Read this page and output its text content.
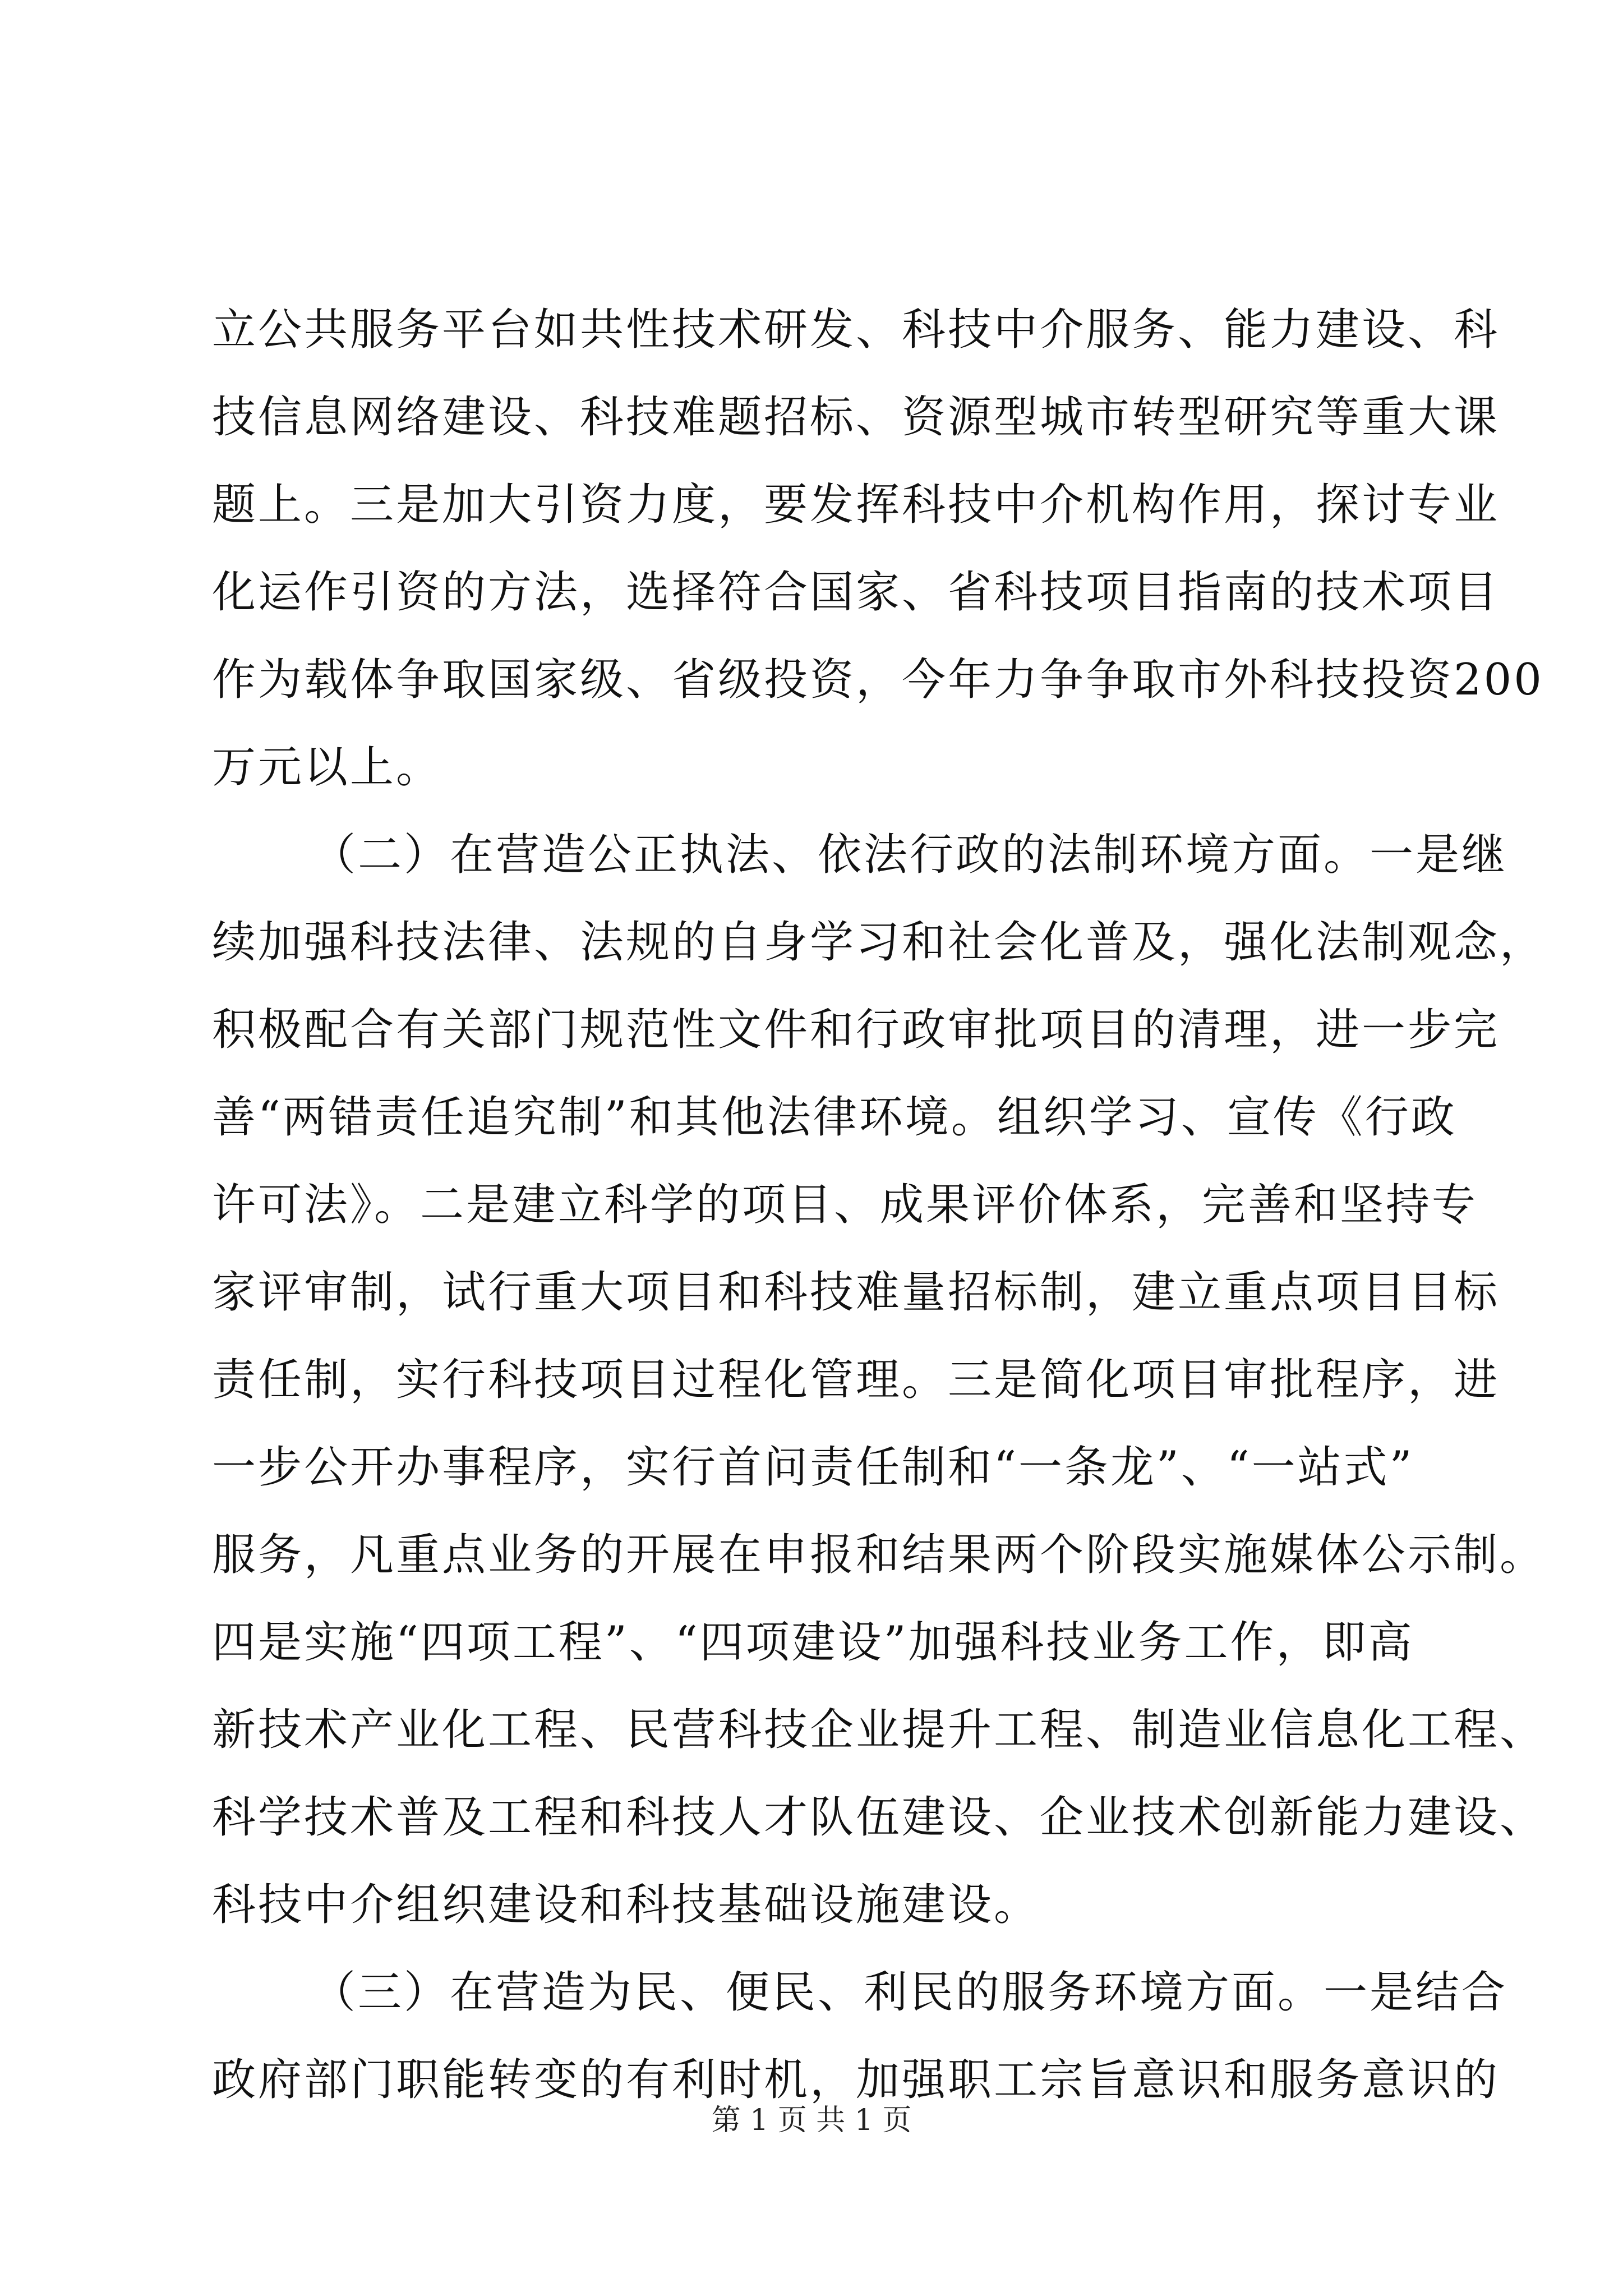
立公共服务平台如共性技术研发、科技中介服务、能力建设、科
技信息网络建设、科技难题招标、资源型城市转型研究等重大课
题上。三是加大引资力度，要发挥科技中介机构作用，探讨专业
化运作引资的方法，选择符合国家、省科技项目指南的技术项目
作为载体争取国家级、省级投资，今年力争争取市外科技投资200
万元以上。
（二）在营造公正执法、依法行政的法制环境方面。一是继
续加强科技法律、法规的自身学习和社会化普及，强化法制观念，
积极配合有关部门规范性文件和行政审批项目的清理，进一步完
善“两错责任追究制”和其他法律环境。组织学习、宣传《行政
许可法》。二是建立科学的项目、成果评价体系，完善和坚持专
家评审制，试行重大项目和科技难量招标制，建立重点项目目标
责任制，实行科技项目过程化管理。三是简化项目审批程序，进
一步公开办事程序，实行首问责任制和“一条龙”、“一站式”
服务，凡重点业务的开展在申报和结果两个阶段实施媒体公示制。
四是实施“四项工程”、“四项建设”加强科技业务工作，即高
新技术产业化工程、民营科技企业提升工程、制造业信息化工程、
科学技术普及工程和科技人才队伍建设、企业技术创新能力建设、
科技中介组织建设和科技基础设施建设。
（三）在营造为民、便民、利民的服务环境方面。一是结合
政府部门职能转变的有利时机，加强职工宗旨意识和服务意识的
第 1 页 共 1 页
